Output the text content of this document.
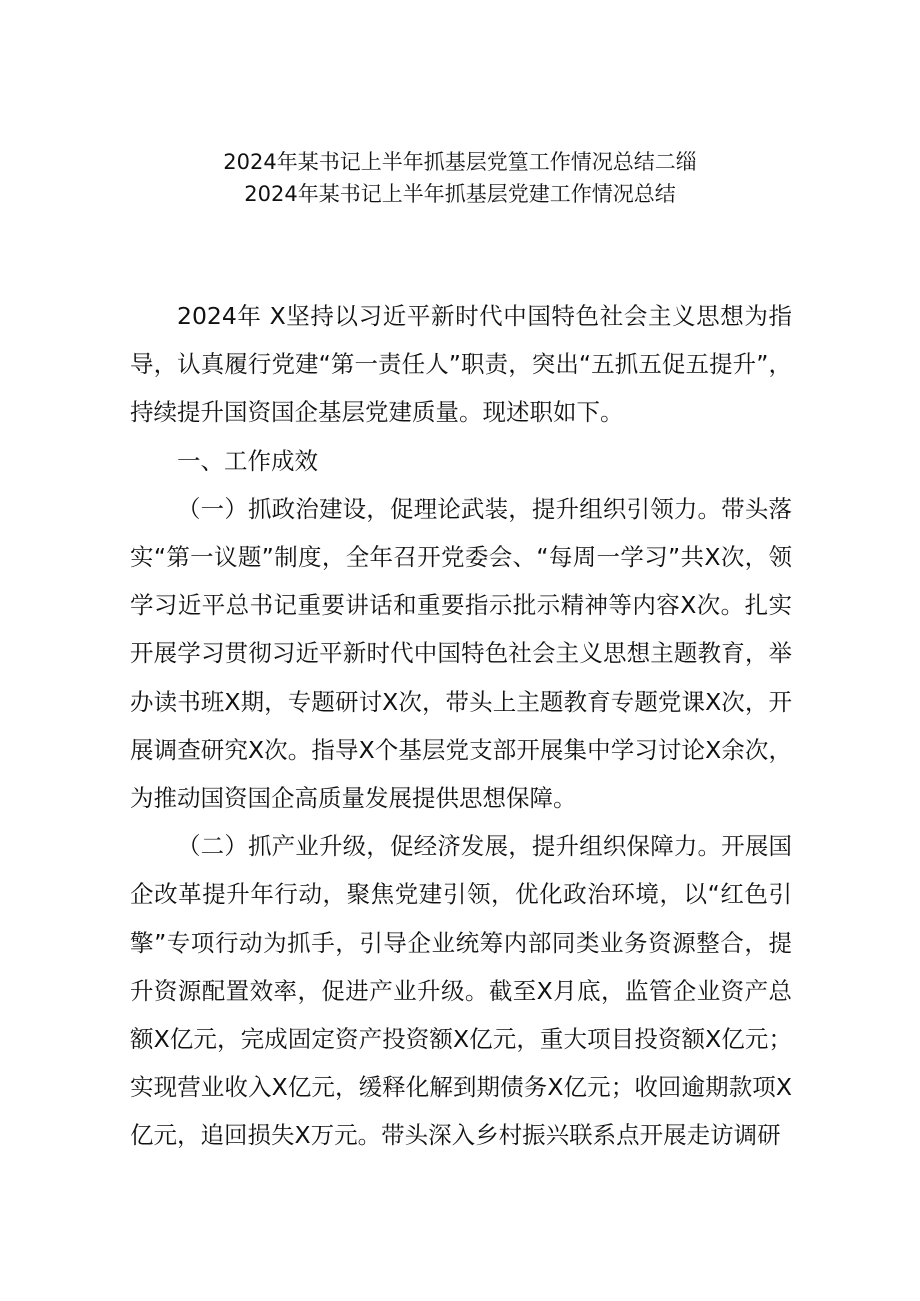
2024年某书记上半年抓基层党篁工作情况总结二缁
2024年某书记上半年抓基层党建工作情况总结

2024年 X坚持以习近平新时代中国特色社会主义思想为指导，认真履行党建“第一责任人”职责，突出“五抓五促五提升”，持续提升国资国企基层党建质量。现述职如下。

一、工作成效

（一）抓政治建设，促理论武装，提升组织引领力。带头落实“第一议题”制度，全年召开党委会、“每周一学习”共X次，领学习近平总书记重要讲话和重要指示批示精神等内容X次。扎实开展学习贯彻习近平新时代中国特色社会主义思想主题教育，举办读书班X期，专题研讨X次，带头上主题教育专题党课X次，开展调查研究X次。指导X个基层党支部开展集中学习讨论X余次，为推动国资国企高质量发展提供思想保障。

（二）抓产业升级，促经济发展，提升组织保障力。开展国企改革提升年行动，聚焦党建引领，优化政治环境，以“红色引擎”专项行动为抓手，引导企业统筹内部同类业务资源整合，提升资源配置效率，促进产业升级。截至X月底，监管企业资产总额X亿元，完成固定资产投资额X亿元，重大项目投资额X亿元；实现营业收入X亿元，缓释化解到期债务X亿元；收回逾期款项X亿元，追回损失X万元。带头深入乡村振兴联系点开展走访调研
